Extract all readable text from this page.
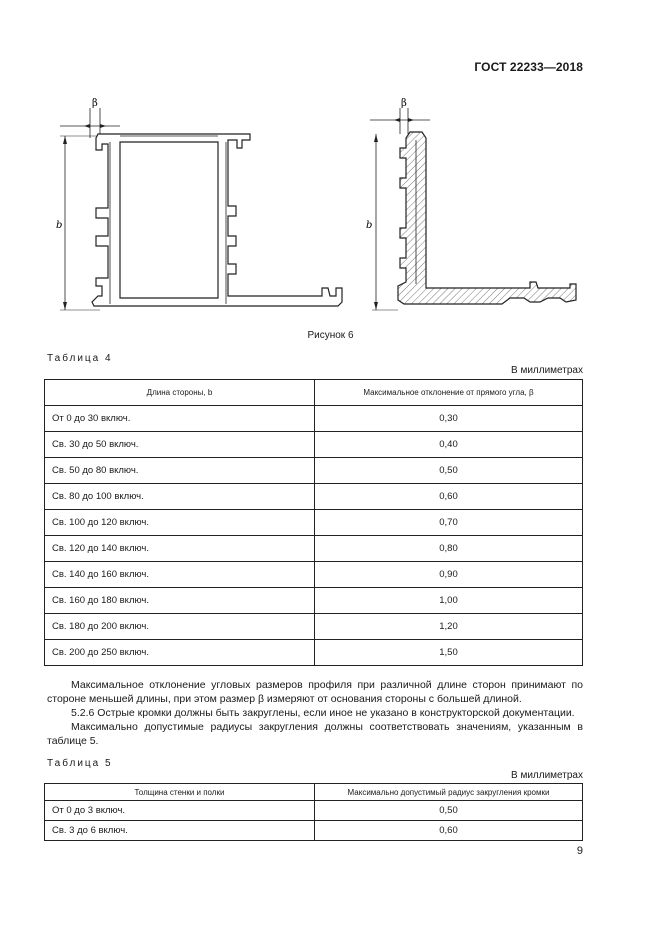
ГОСТ 22233—2018
β
b
β
b
Рисунок 6
Таблица 4
В миллиметрах
Длина стороны, b	Максимальное отклонение от прямого угла, β
От 0 до 30 включ.	0,30
Св. 30 до 50 включ.	0,40
Св. 50 до 80 включ.	0,50
Св. 80 до 100 включ.	0,60
Св. 100 до 120 включ.	0,70
Св. 120 до 140 включ.	0,80
Св. 140 до 160 включ.	0,90
Св. 160 до 180 включ.	1,00
Св. 180 до 200 включ.	1,20
Св. 200 до 250 включ.	1,50
Максимальное отклонение угловых размеров профиля при различной длине сторон принимают по стороне меньшей длины, при этом размер β измеряют от основания стороны с большей длиной.
5.2.6 Острые кромки должны быть закруглены, если иное не указано в конструкторской документации.
Максимально допустимые радиусы закругления должны соответствовать значениям, указанным в таблице 5.
Таблица 5
В миллиметрах
Толщина стенки и полки	Максимально допустимый радиус закругления кромки
От 0 до 3 включ.	0,50
Св. 3 до 6 включ.	0,60
9
